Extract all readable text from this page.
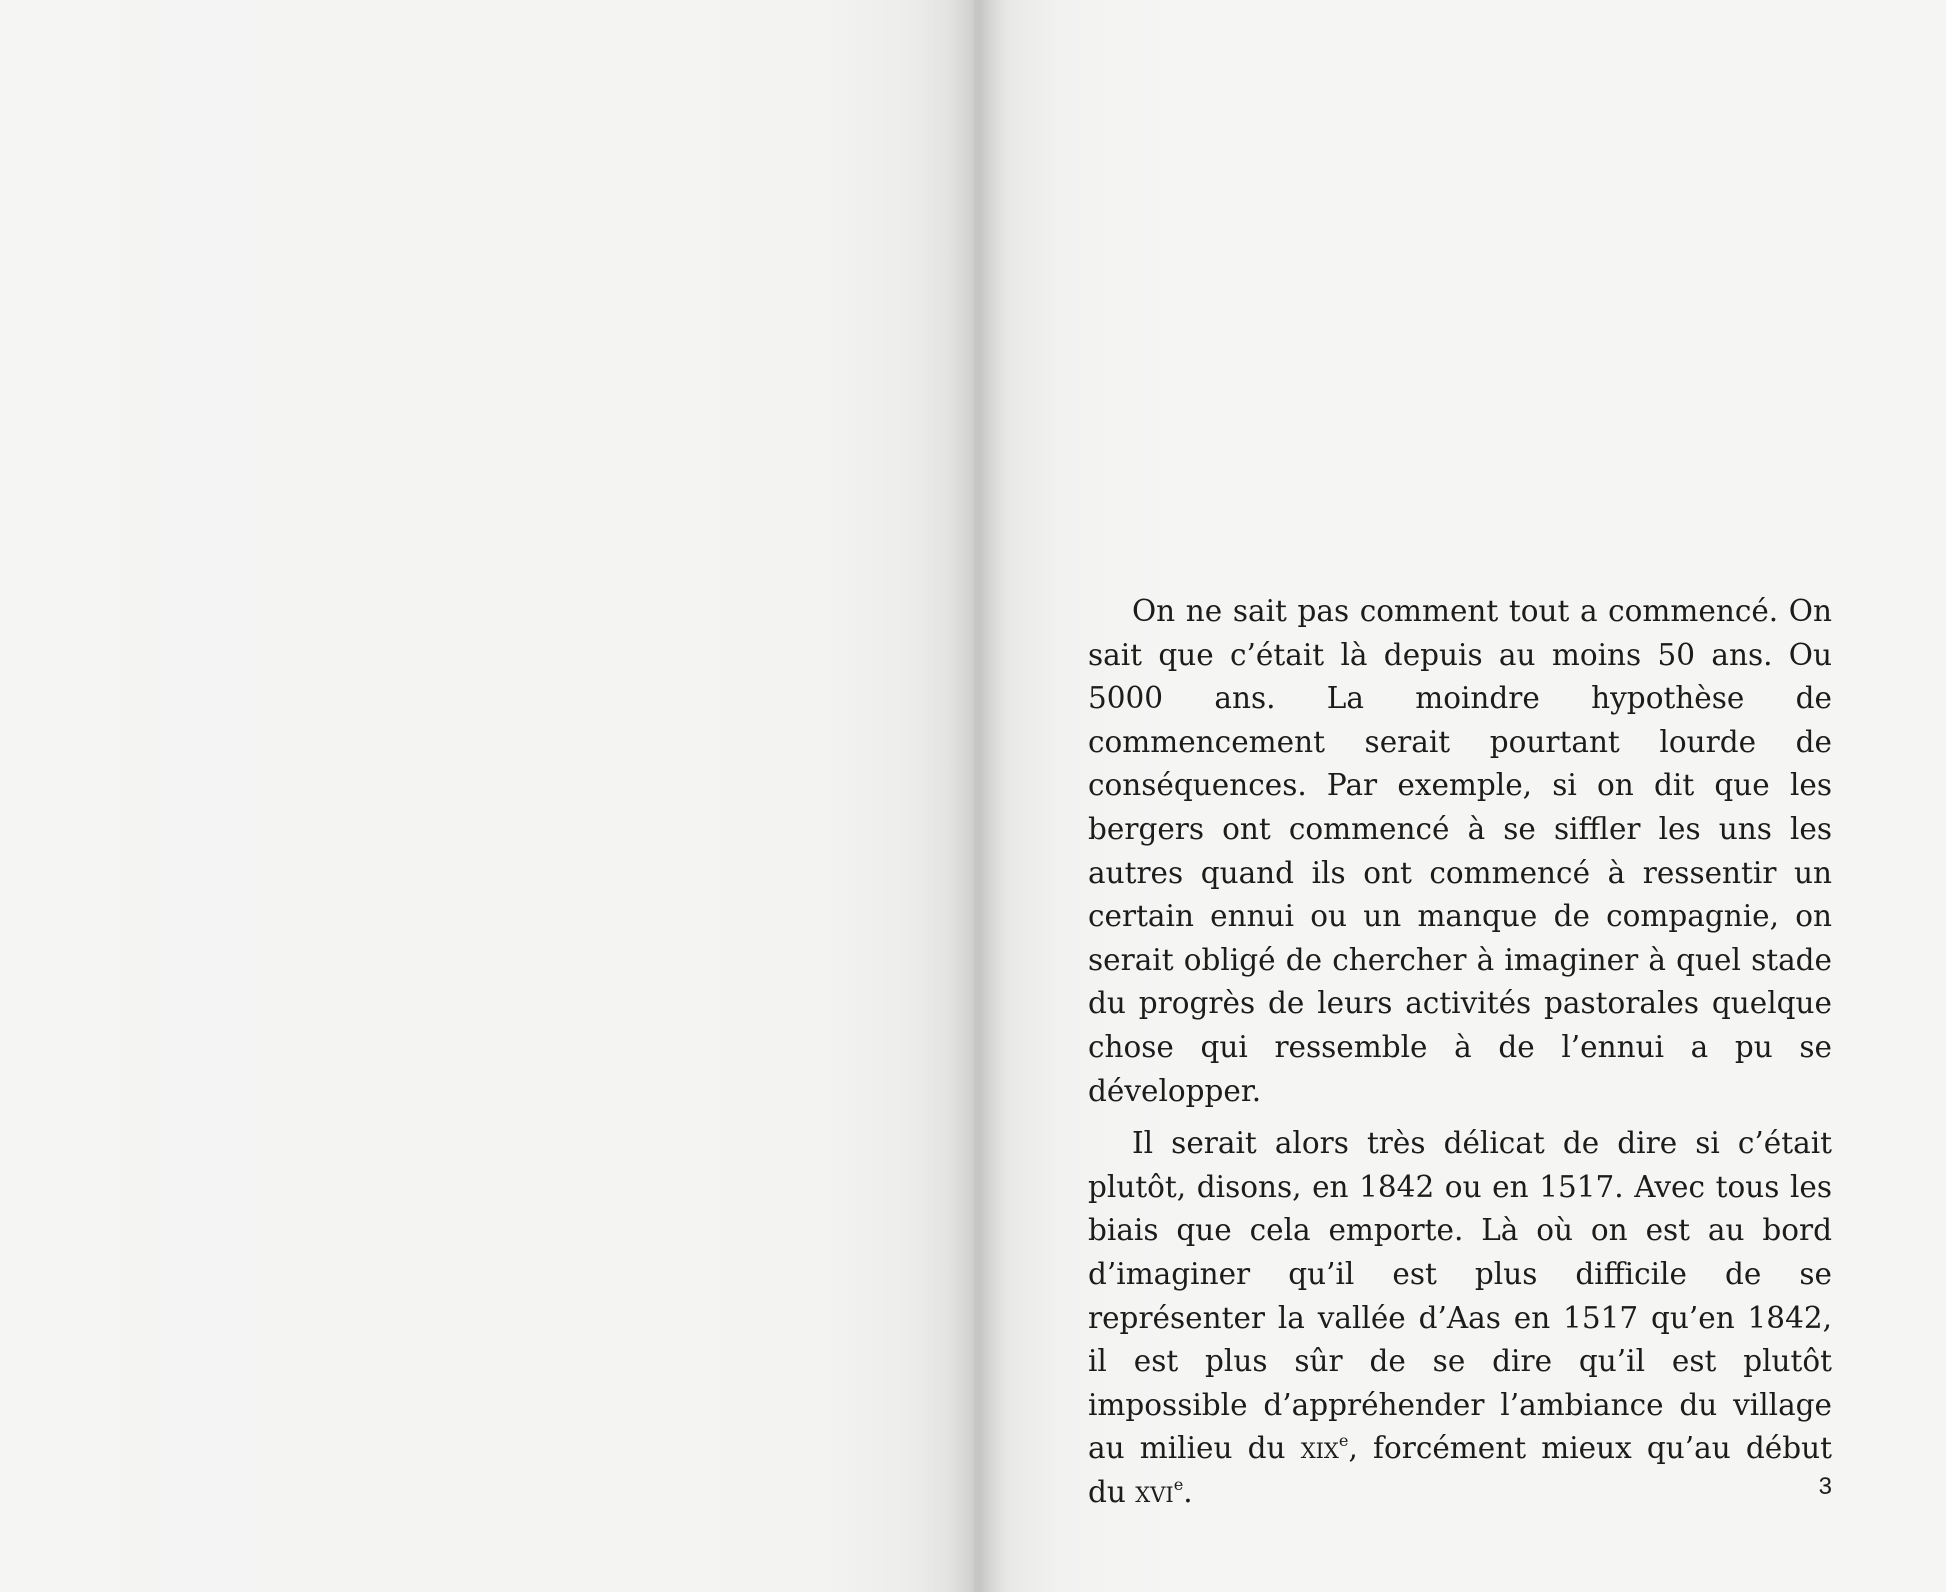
On ne sait pas comment tout a commencé. On sait que c’était là depuis au moins 50 ans. Ou 5000 ans. La moindre hypothèse de commencement serait pourtant lourde de conséquences. Par exemple, si on dit que les bergers ont commencé à se siffler les uns les autres quand ils ont commencé à ressentir un certain ennui ou un manque de compagnie, on serait obligé de chercher à imaginer à quel stade du progrès de leurs activités pastorales quelque chose qui ressemble à de l’ennui a pu se développer.

Il serait alors très délicat de dire si c’était plutôt, disons, en 1842 ou en 1517. Avec tous les biais que cela emporte. Là où on est au bord d’imaginer qu’il est plus difficile de se représenter la vallée d’Aas en 1517 qu’en 1842, il est plus sûr de se dire qu’il est plutôt impossible d’appréhender l’ambiance du village au milieu du xix$^e$, forcément mieux qu’au début du xvi$^e$.	3
